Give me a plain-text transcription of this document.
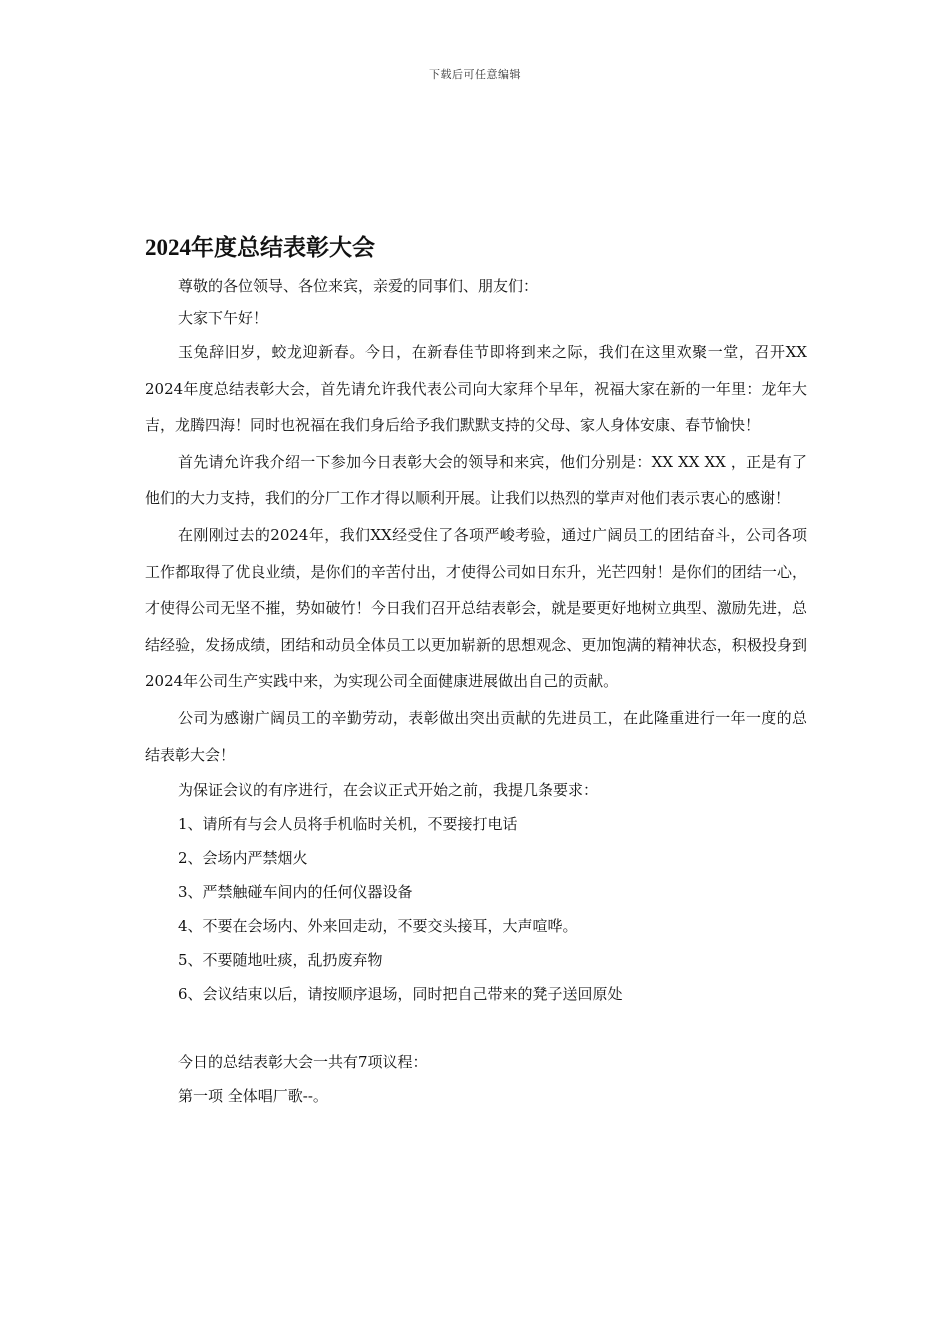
下载后可任意编辑
2024年度总结表彰大会

尊敬的各位领导、各位来宾，亲爱的同事们、朋友们：

大家下午好！

玉兔辞旧岁，蛟龙迎新春。今日，在新春佳节即将到来之际，我们在这里欢聚一堂，召开XX 2024年度总结表彰大会，首先请允许我代表公司向大家拜个早年，祝福大家在新的一年里：龙年大吉，龙腾四海！同时也祝福在我们身后给予我们默默支持的父母、家人身体安康、春节愉快！

首先请允许我介绍一下参加今日表彰大会的领导和来宾，他们分别是：XX XX XX ，正是有了他们的大力支持，我们的分厂工作才得以顺利开展。让我们以热烈的掌声对他们表示衷心的感谢！

在刚刚过去的2024年，我们XX经受住了各项严峻考验，通过广阔员工的团结奋斗，公司各项工作都取得了优良业绩，是你们的辛苦付出，才使得公司如日东升，光芒四射！是你们的团结一心，才使得公司无坚不摧，势如破竹！今日我们召开总结表彰会，就是要更好地树立典型、激励先进，总结经验，发扬成绩，团结和动员全体员工以更加崭新的思想观念、更加饱满的精神状态，积极投身到2024年公司生产实践中来，为实现公司全面健康进展做出自己的贡献。

公司为感谢广阔员工的辛勤劳动，表彰做出突出贡献的先进员工，在此隆重进行一年一度的总结表彰大会！

为保证会议的有序进行，在会议正式开始之前，我提几条要求：

1、请所有与会人员将手机临时关机，不要接打电话

2、会场内严禁烟火

3、严禁触碰车间内的任何仪器设备

4、不要在会场内、外来回走动，不要交头接耳，大声喧哗。

5、不要随地吐痰，乱扔废弃物

6、会议结束以后，请按顺序退场，同时把自己带来的凳子送回原处

今日的总结表彰大会一共有7项议程：

第一项 全体唱厂歌--。
